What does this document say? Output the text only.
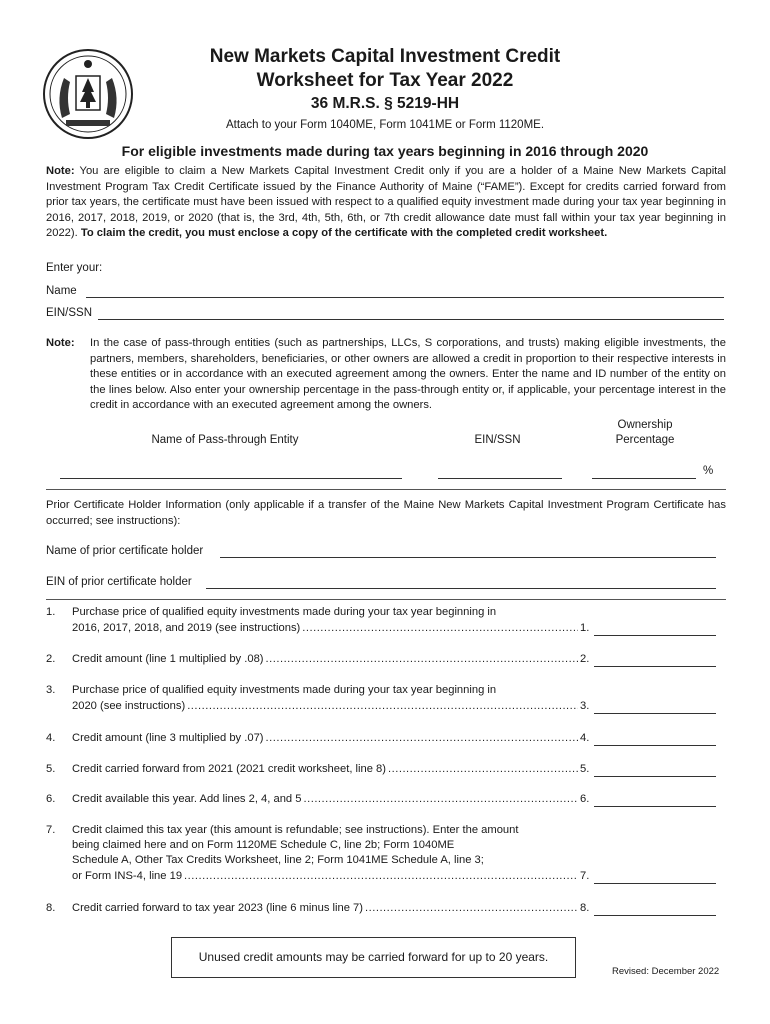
New Markets Capital Investment Credit
Worksheet for Tax Year 2022
36 M.R.S. § 5219-HH
Attach to your Form 1040ME, Form 1041ME or Form 1120ME.
For eligible investments made during tax years beginning in 2016 through 2020
Note: You are eligible to claim a New Markets Capital Investment Credit only if you are a holder of a Maine New Markets Capital Investment Program Tax Credit Certificate issued by the Finance Authority of Maine (“FAME”). Except for credits carried forward from prior tax years, the certificate must have been issued with respect to a qualified equity investment made during your tax year beginning in 2016, 2017, 2018, 2019, or 2020 (that is, the 3rd, 4th, 5th, 6th, or 7th credit allowance date must fall within your tax year beginning in 2022). To claim the credit, you must enclose a copy of the certificate with the completed credit worksheet.
Enter your:
Name
EIN/SSN
Note: In the case of pass-through entities (such as partnerships, LLCs, S corporations, and trusts) making eligible investments, the partners, members, shareholders, beneficiaries, or other owners are allowed a credit in proportion to their respective interests in these entities or in accordance with an executed agreement among the owners. Enter the name and ID number of the entity on the lines below. Also enter your ownership percentage in the pass-through entity or, if applicable, your percentage interest in the credit in accordance with an executed agreement among the owners.
Name of Pass-through Entity	EIN/SSN
Ownership
Percentage
%
Prior Certificate Holder Information (only applicable if a transfer of the Maine New Markets Capital Investment Program Certificate has occurred; see instructions):
Name of prior certificate holder
EIN of prior certificate holder
1. Purchase price of qualified equity investments made during your tax year beginning in
2016, 2017, 2018, and 2019 (see instructions) .....	1.
2. Credit amount (line 1 multiplied by .08) .....	2.
3. Purchase price of qualified equity investments made during your tax year beginning in
2020 (see instructions) .....	3.
4. Credit amount (line 3 multiplied by .07) .....	4.
5. Credit carried forward from 2021 (2021 credit worksheet, line 8) .....	5.
6. Credit available this year. Add lines 2, 4, and 5 .....	6.
7. Credit claimed this tax year (this amount is refundable; see instructions). Enter the amount
being claimed here and on Form 1120ME Schedule C, line 2b; Form 1040ME
Schedule A, Other Tax Credits Worksheet, line 2; Form 1041ME Schedule A, line 3;
or Form INS-4, line 19 .....	7.
8. Credit carried forward to tax year 2023 (line 6 minus line 7) .....	8.
Unused credit amounts may be carried forward for up to 20 years.
Revised: December 2022
